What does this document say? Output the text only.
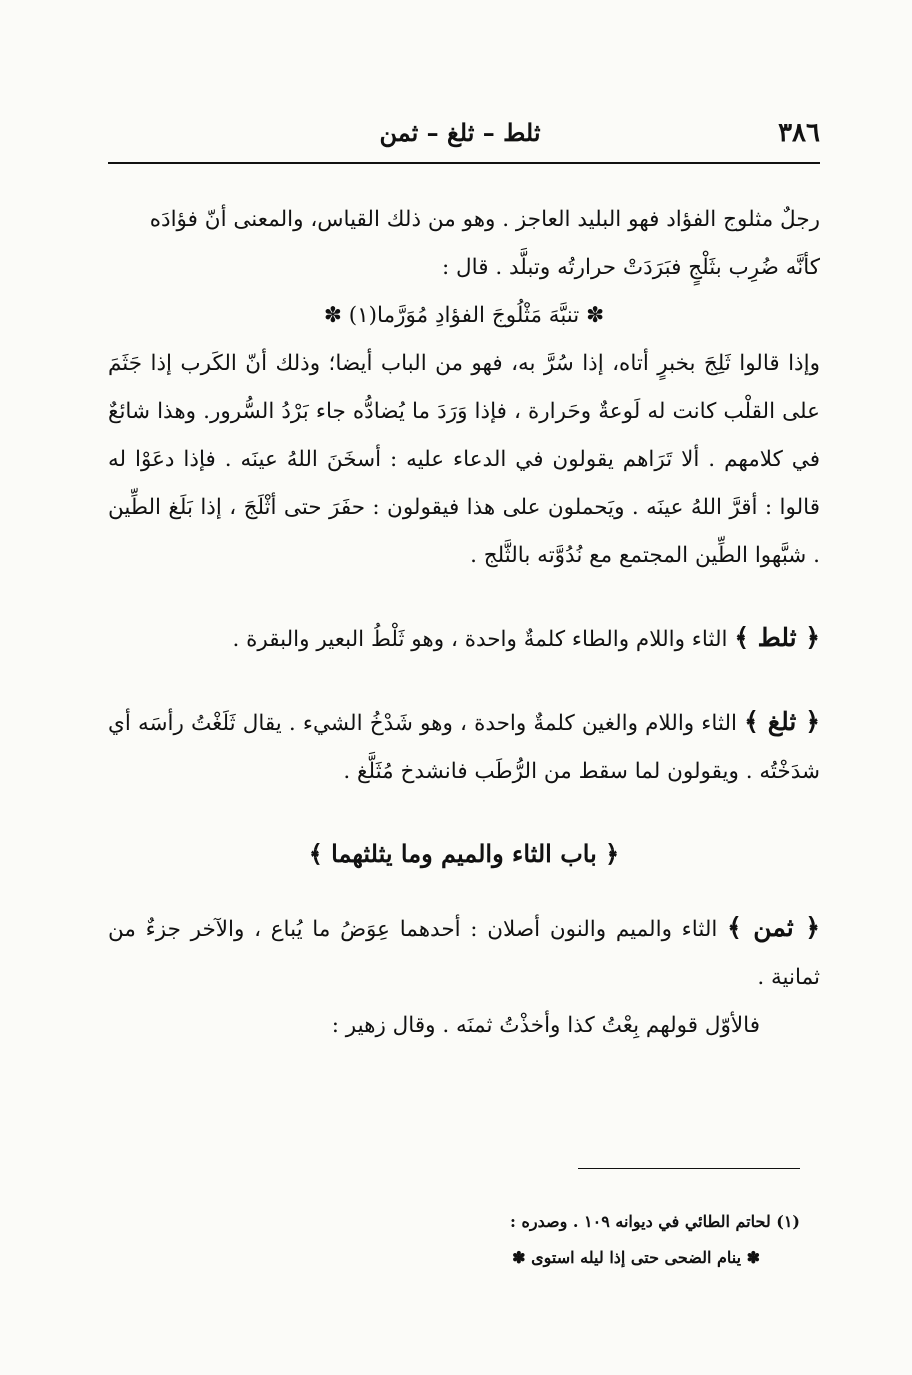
٣٨٦
ثلط – ثلغ – ثمن

رجلٌ مثلوج الفؤاد فهو البليد العاجز . وهو من ذلك القياس، والمعنى أنّ فؤادَه

كأنَّه ضُرِب بثَلْجٍ فبَرَدَتْ حرارتُه وتبلَّد . قال :

✽ تنبَّهَ مَثْلُوجَ الفؤادِ مُوَرَّما(١) ✽

وإذا قالوا ثَلِجَ بخبرٍ أتاه، إذا سُرَّ به، فهو من الباب أيضا؛ وذلك أنّ الكَرب إذا جَثَمَ على القلْب كانت له لَوعةٌ وحَرارة ، فإذا وَرَدَ ما يُضادُّه جاء بَرْدُ السُّرور. وهذا شائعٌ في كلامهم . ألا تَرَاهم يقولون في الدعاء عليه : أسخَنَ اللهُ عينَه . فإذا دعَوْا له قالوا : أقرَّ اللهُ عينَه . ويَحملون على هذا فيقولون : حفَرَ حتى أثْلَجَ ، إذا بَلَغ الطِّين . شبَّهوا الطِّين المجتمع مع نُدُوَّته بالثَّلج .

﴿ ثلط ﴾ الثاء واللام والطاء كلمةٌ واحدة ، وهو ثَلْطُ البعير والبقرة .

﴿ ثلغ ﴾ الثاء واللام والغين كلمةٌ واحدة ، وهو شَدْخُ الشيء . يقال ثَلَغْتُ رأسَه أي شدَخْتُه . ويقولون لما سقط من الرُّطَب فانشدخ مُثَلَّغ .

﴿ باب الثاء والميم وما يثلثهما ﴾

﴿ ثمن ﴾ الثاء والميم والنون أصلان : أحدهما عِوَضُ ما يُباع ، والآخر جزءٌ من ثمانية .

فالأوّل قولهم بِعْتُ كذا وأخذْتُ ثمنَه . وقال زهير :

(١) لحاتم الطائي في ديوانه ١٠٩ . وصدره :

✽ ينام الضحى حتى إذا ليله استوى ✽
